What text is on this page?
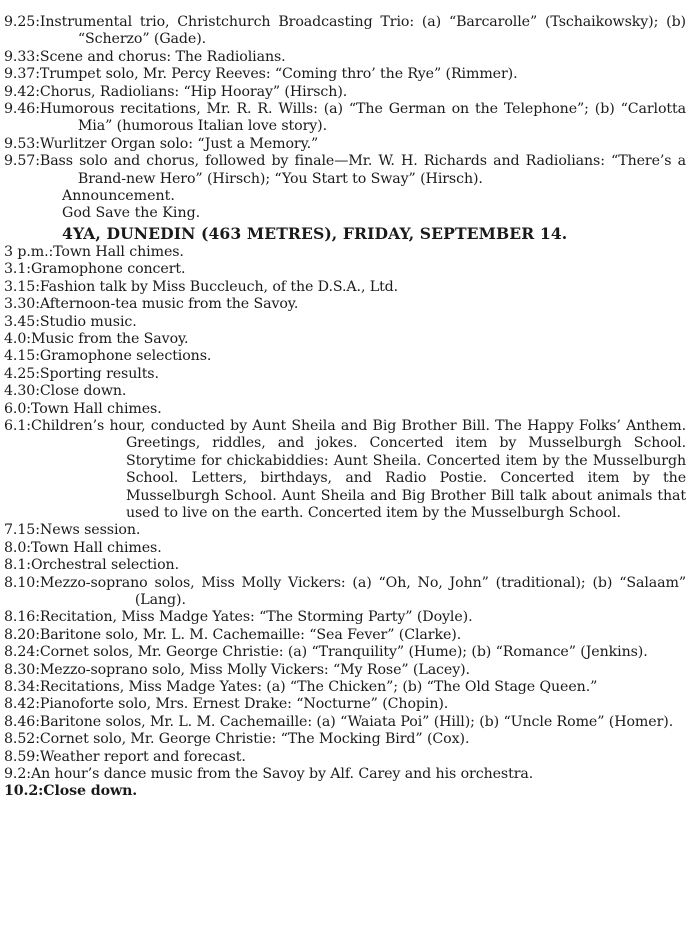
9.25: Instrumental trio, Christchurch Broadcasting Trio: (a) “Barcarolle” (Tschaikowsky); (b) “Scherzo” (Gade).
9.33: Scene and chorus: The Radiolians.
9.37: Trumpet solo, Mr. Percy Reeves: “Coming thro’ the Rye” (Rimmer).
9.42: Chorus, Radiolians: “Hip Hooray” (Hirsch).
9.46: Humorous recitations, Mr. R. R. Wills: (a) “The German on the Telephone”; (b) “Carlotta Mia” (humorous Italian love story).
9.53: Wurlitzer Organ solo: “Just a Memory.”
9.57: Bass solo and chorus, followed by finale—Mr. W. H. Richards and Radiolians: “There’s a Brand-new Hero” (Hirsch); “You Start to Sway” (Hirsch).
Announcement.
God Save the King.
4YA, DUNEDIN (463 METRES), FRIDAY, SEPTEMBER 14.
3 p.m.: Town Hall chimes.
3.1: Gramophone concert.
3.15: Fashion talk by Miss Buccleuch, of the D.S.A., Ltd.
3.30: Afternoon-tea music from the Savoy.
3.45: Studio music.
4.0: Music from the Savoy.
4.15: Gramophone selections.
4.25: Sporting results.
4.30: Close down.
6.0: Town Hall chimes.
6.1: Children’s hour, conducted by Aunt Sheila and Big Brother Bill. The Happy Folks’ Anthem. Greetings, riddles, and jokes. Concerted item by Musselburgh School. Storytime for chickabiddies: Aunt Sheila. Concerted item by the Musselburgh School. Letters, birthdays, and Radio Postie. Concerted item by the Musselburgh School. Aunt Sheila and Big Brother Bill talk about animals that used to live on the earth. Concerted item by the Musselburgh School.
7.15: News session.
8.0: Town Hall chimes.
8.1: Orchestral selection.
8.10: Mezzo-soprano solos, Miss Molly Vickers: (a) “Oh, No, John” (traditional); (b) “Salaam” (Lang).
8.16: Recitation, Miss Madge Yates: “The Storming Party” (Doyle).
8.20: Baritone solo, Mr. L. M. Cachemaille: “Sea Fever” (Clarke).
8.24: Cornet solos, Mr. George Christie: (a) “Tranquility” (Hume); (b) “Romance” (Jenkins).
8.30: Mezzo-soprano solo, Miss Molly Vickers: “My Rose” (Lacey).
8.34: Recitations, Miss Madge Yates: (a) “The Chicken”; (b) “The Old Stage Queen.”
8.42: Pianoforte solo, Mrs. Ernest Drake: “Nocturne” (Chopin).
8.46: Baritone solos, Mr. L. M. Cachemaille: (a) “Waiata Poi” (Hill); (b) “Uncle Rome” (Homer).
8.52: Cornet solo, Mr. George Christie: “The Mocking Bird” (Cox).
8.59: Weather report and forecast.
9.2: An hour’s dance music from the Savoy by Alf. Carey and his orchestra.
10.2: Close down.
